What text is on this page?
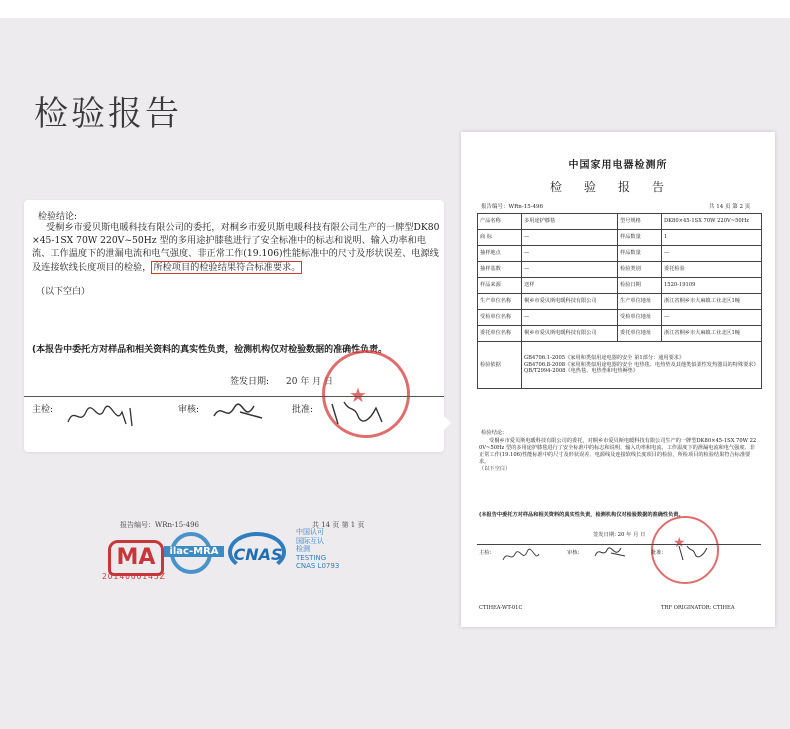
检验报告
检验结论:
受桐乡市爱贝斯电暖科技有限公司的委托，对桐乡市爱贝斯电暖科技有限公司生产的一牌型DK80×45-1SX 70W 220V~50Hz 型的多用途护膝毯进行了安全标准中的标志和说明、输入功率和电流、工作温度下的泄漏电流和电气强度、非正常工作(19.106)性能标准中的尺寸及形状误差、电源线及连接软线长度项目的检验， 所检项目的检验结果符合标准要求。
（以下空白）
(本报告中委托方对样品和相关资料的真实性负责，检测机构仅对检验数据的准确性负责。
签发日期: 20 年 月 日
★
主检:	审核:	批准:
报告编号：WRn-15-496	共 14 页 第 1 页
MA
2014000145Z
ilac-MRA CNAS
中国认可
国际互认
检测
TESTING
CNAS L0793
中国家用电器检测所
检验报告
报告编号：WRn-15-496	共 14 页 第 2 页
产品名称	多用途护膝毯	型号规格	DK80×45-1SX 70W 220V~50Hz
商 标	—	样品数量	1
抽样地点	—	样品数量	—
抽样基数	—	检验类别	委托检验
样品来源	送样	检验日期	1520-19109
生产单位名称	桐乡市爱贝斯电暖科技有限公司	生产单位地址	浙江省桐乡市大麻镇工业北区1幢
受检单位名称	—	受检单位地址	—
委托单位名称	桐乡市爱贝斯电暖科技有限公司	委托单位地址	浙江省桐乡市大麻镇工业北区1幢
检验依据	GB4706.1-2005《家用和类似用途电器的安全 第1部分：通用要求》
GB4706.8-2008《家用和类似用途电器的安全 电热毯、电热垫及其他类似柔性发热器具的特殊要求》
QB/T2994-2008《电热毯、电热垫和电热褥垫》		
检验结论:
受桐乡市爱贝斯电暖科技有限公司的委托，对桐乡市爱贝斯电暖科技有限公司生产的一牌型DK80×45-1SX 70W 220V~50Hz 型的多用途护膝毯进行了安全标准中的标志和说明、输入功率和电流、工作温度下的泄漏电流和电气强度、非正常工作(19.106)性能标准中的尺寸及形状误差、电源线及连接软线长度项目的检验，所检项目的检验结果符合标准要求。
（以下空白）
(本报告中委托方对样品和相关资料的真实性负责，检测机构仅对检验数据的准确性负责。
签发日期: 20 年 月 日 ★
主检:	审核:	批准:
CTIHEA-WT-01C	TRF ORIGINATOR: CTIHEA
